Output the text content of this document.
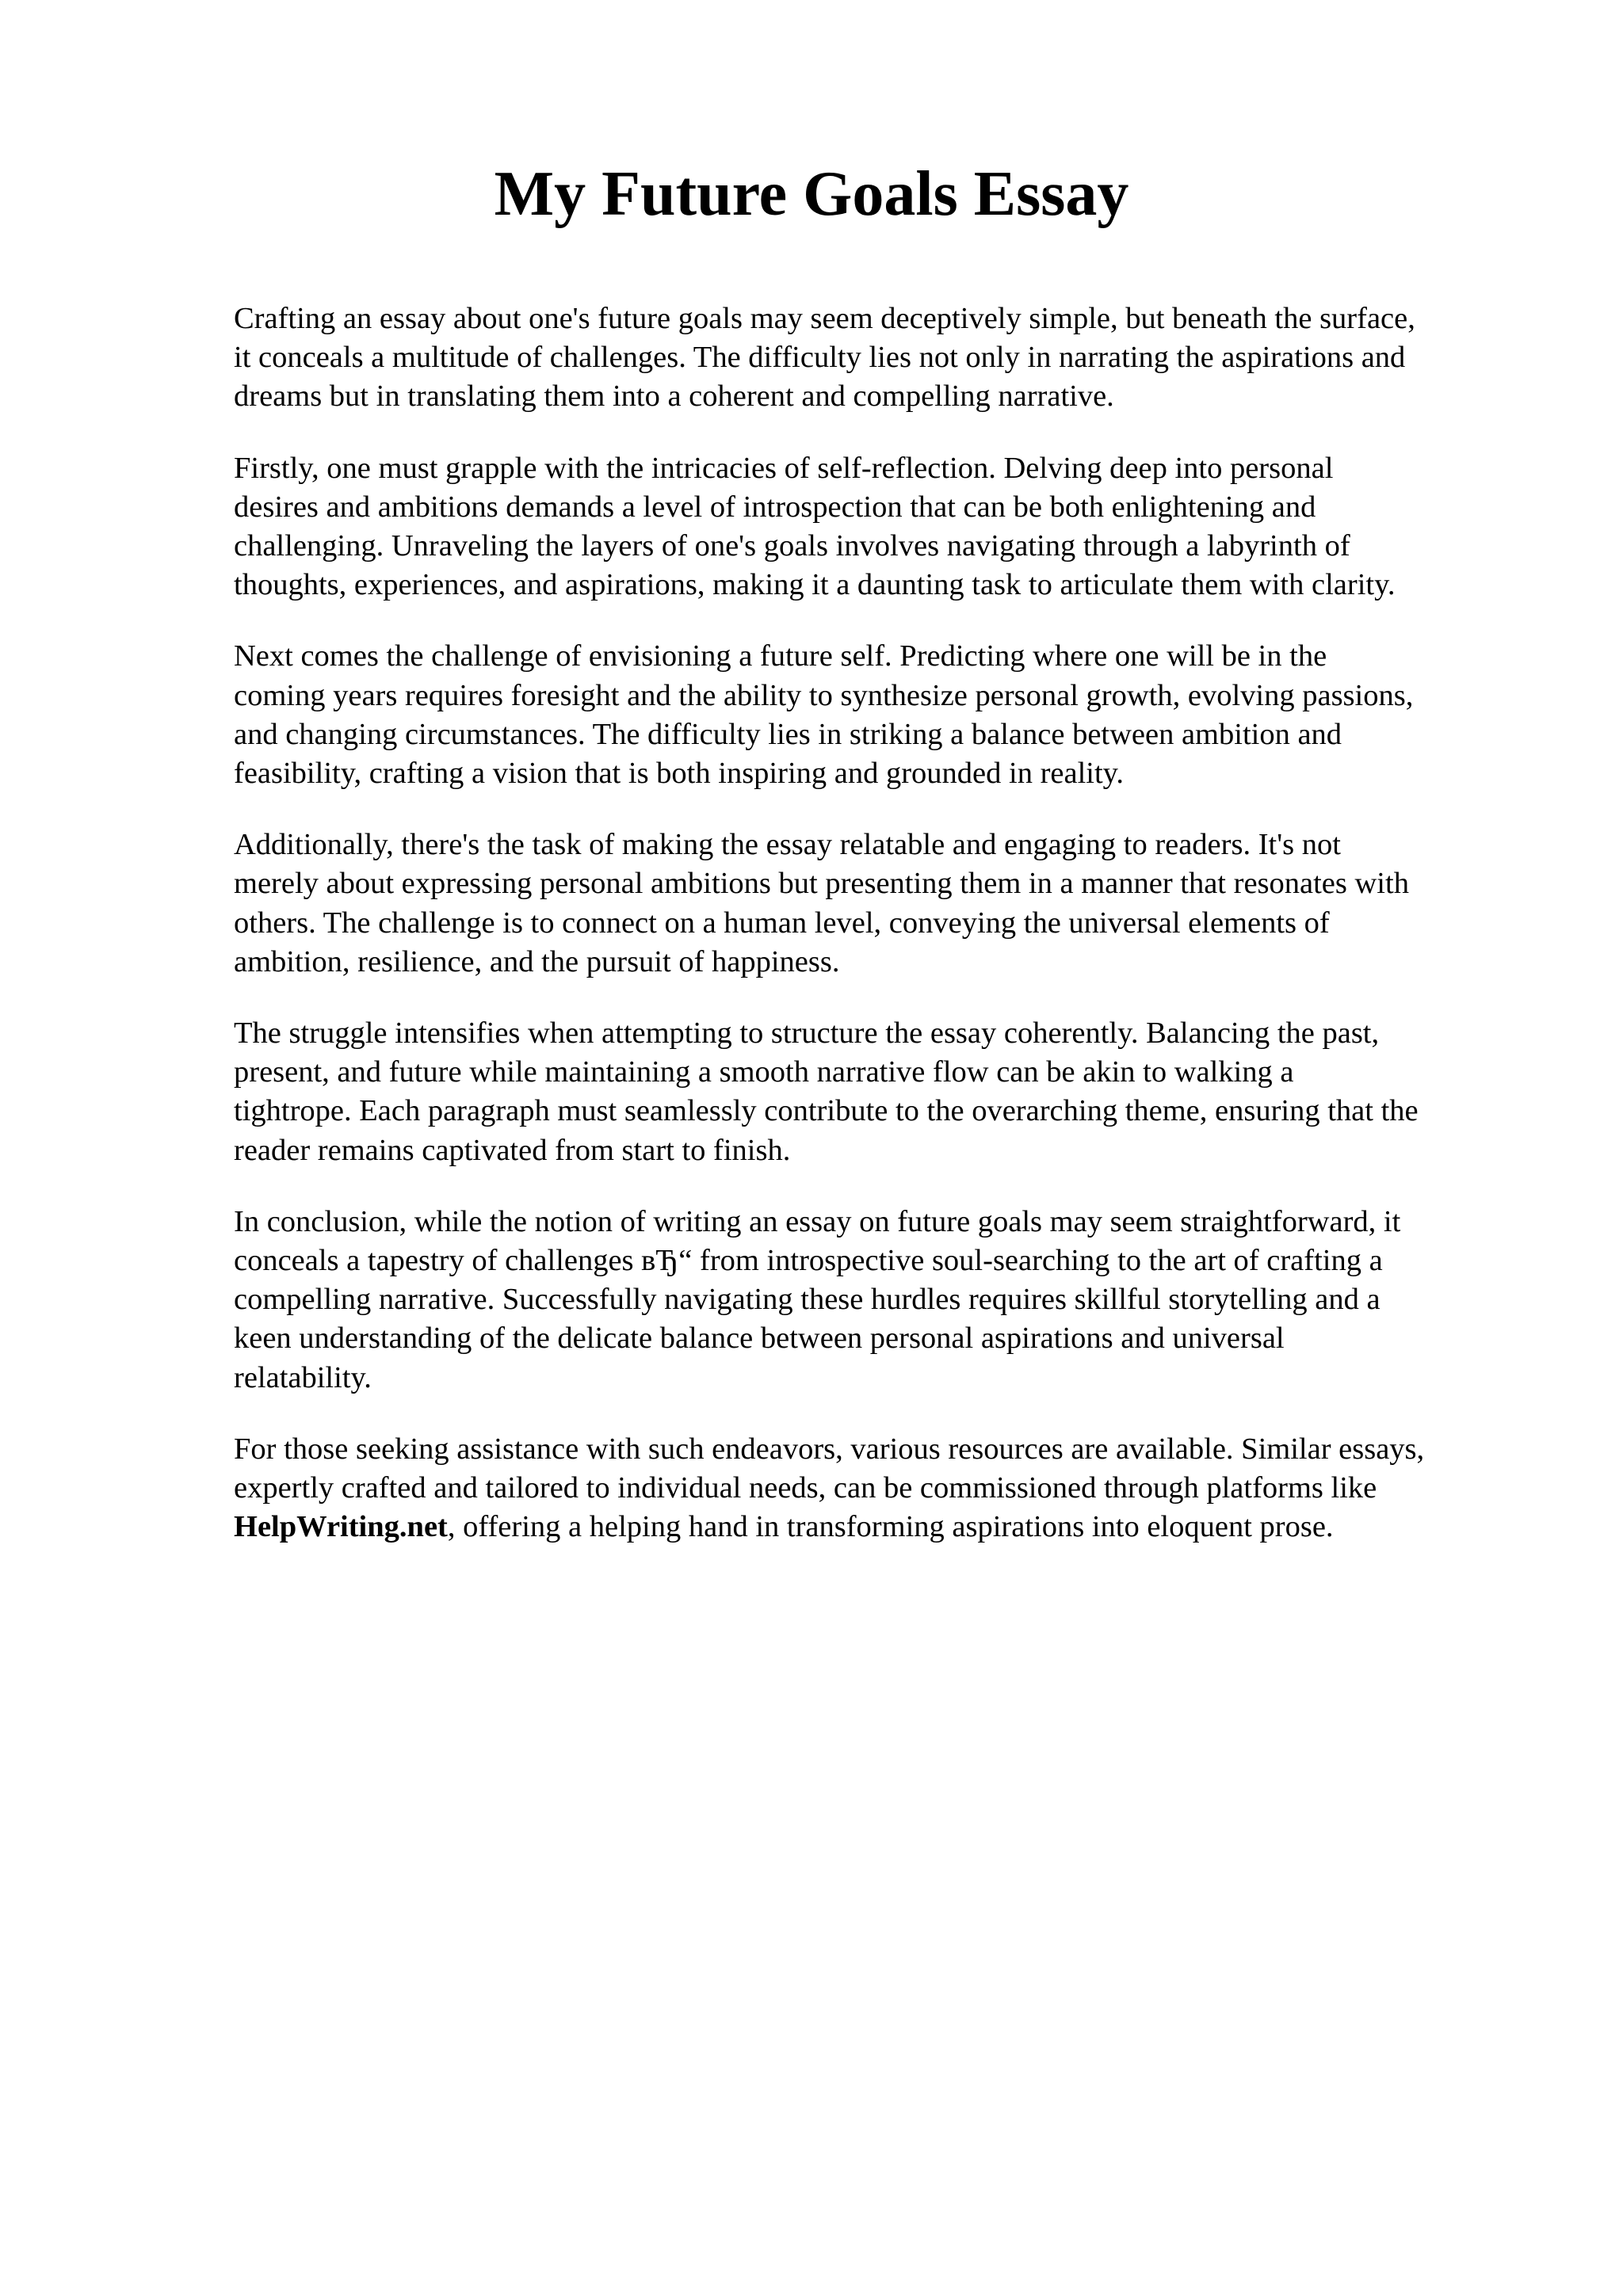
My Future Goals Essay

Crafting an essay about one's future goals may seem deceptively simple, but beneath the surface,
it conceals a multitude of challenges. The difficulty lies not only in narrating the aspirations and
dreams but in translating them into a coherent and compelling narrative.

Firstly, one must grapple with the intricacies of self-reflection. Delving deep into personal
desires and ambitions demands a level of introspection that can be both enlightening and
challenging. Unraveling the layers of one's goals involves navigating through a labyrinth of
thoughts, experiences, and aspirations, making it a daunting task to articulate them with clarity.

Next comes the challenge of envisioning a future self. Predicting where one will be in the
coming years requires foresight and the ability to synthesize personal growth, evolving passions,
and changing circumstances. The difficulty lies in striking a balance between ambition and
feasibility, crafting a vision that is both inspiring and grounded in reality.

Additionally, there's the task of making the essay relatable and engaging to readers. It's not
merely about expressing personal ambitions but presenting them in a manner that resonates with
others. The challenge is to connect on a human level, conveying the universal elements of
ambition, resilience, and the pursuit of happiness.

The struggle intensifies when attempting to structure the essay coherently. Balancing the past,
present, and future while maintaining a smooth narrative flow can be akin to walking a
tightrope. Each paragraph must seamlessly contribute to the overarching theme, ensuring that the
reader remains captivated from start to finish.

In conclusion, while the notion of writing an essay on future goals may seem straightforward, it
conceals a tapestry of challenges вЂ“ from introspective soul-searching to the art of crafting a
compelling narrative. Successfully navigating these hurdles requires skillful storytelling and a
keen understanding of the delicate balance between personal aspirations and universal
relatability.

For those seeking assistance with such endeavors, various resources are available. Similar essays,
expertly crafted and tailored to individual needs, can be commissioned through platforms like
HelpWriting.net, offering a helping hand in transforming aspirations into eloquent prose.
